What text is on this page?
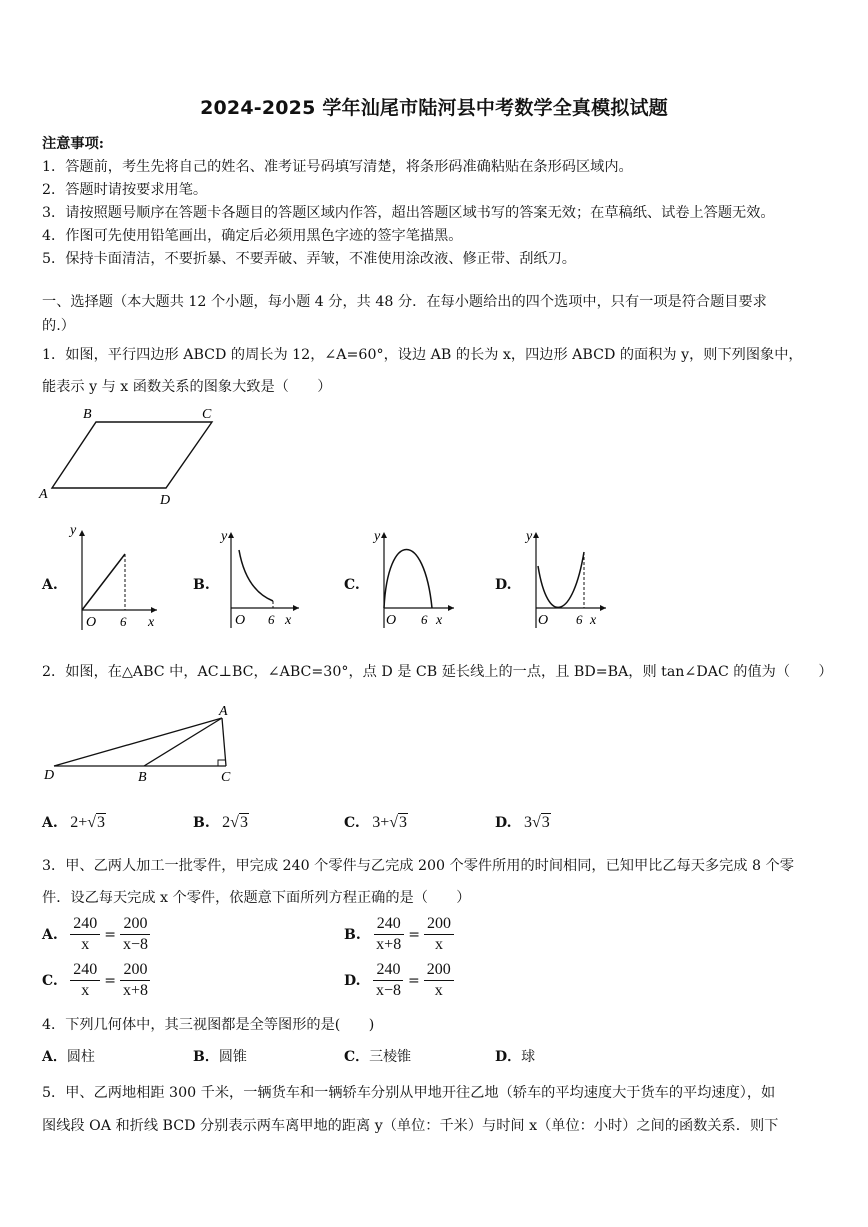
2024-2025 学年汕尾市陆河县中考数学全真模拟试题
注意事项:
1．答题前，考生先将自己的姓名、准考证号码填写清楚，将条形码准确粘贴在条形码区域内。
2．答题时请按要求用笔。
3．请按照题号顺序在答题卡各题目的答题区域内作答，超出答题区域书写的答案无效；在草稿纸、试卷上答题无效。
4．作图可先使用铅笔画出，确定后必须用黑色字迹的签字笔描黑。
5．保持卡面清洁，不要折暴、不要弄破、弄皱，不准使用涂改液、修正带、刮纸刀。
一、选择题（本大题共 12 个小题，每小题 4 分，共 48 分．在每小题给出的四个选项中，只有一项是符合题目要求
的.）
1．如图，平行四边形 ABCD 的周长为 12，∠A=60°，设边 AB 的长为 x，四边形 ABCD 的面积为 y，则下列图象中，
能表示 y 与 x 函数关系的图象大致是（　　）
A
B	C
D
A.
y
O 6 x
B.
y
O 6 x
C.
y
O 6 x
D.
y
O 6 x
2．如图，在△ABC 中，AC⊥BC，∠ABC=30°，点 D 是 CB 延长线上的一点，且 BD=BA，则 tan∠DAC 的值为（　　）
A
B	C
D
A. 2+√3	B. 2√3	C. 3+√3	D. 3√3
3．甲、乙两人加工一批零件，甲完成 240 个零件与乙完成 200 个零件所用的时间相同，已知甲比乙每天多完成 8 个零
件．设乙每天完成 x 个零件，依题意下面所列方程正确的是（　　）
A. $\frac{240}{x} = \frac{200}{x-8}$	B. $\frac{240}{x+8} = \frac{200}{x}$
C. $\frac{240}{x} = \frac{200}{x+8}$	D. $\frac{240}{x-8} = \frac{200}{x}$
4．下列几何体中，其三视图都是全等图形的是(　　)
A．圆柱	B．圆锥	C．三棱锥	D．球
5．甲、乙两地相距 300 千米，一辆货车和一辆轿车分别从甲地开往乙地（轿车的平均速度大于货车的平均速度），如
图线段 OA 和折线 BCD 分别表示两车离甲地的距离 y（单位：千米）与时间 x（单位：小时）之间的函数关系．则下
